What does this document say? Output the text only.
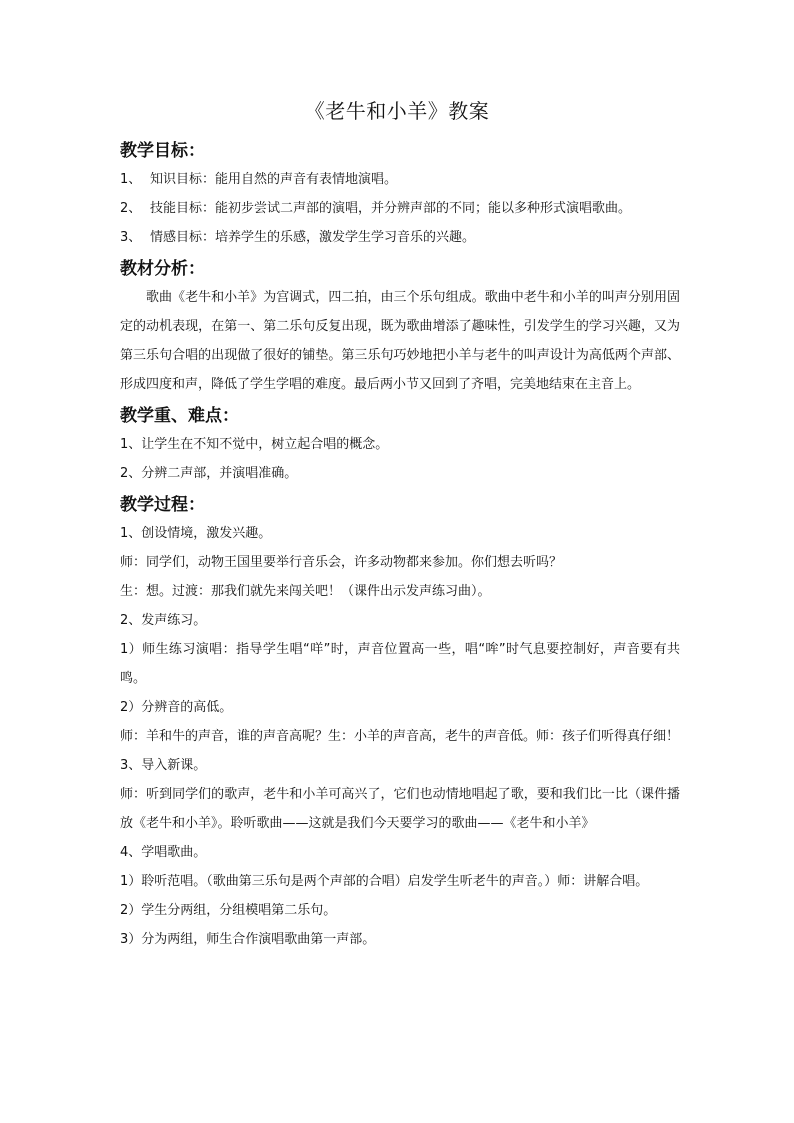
《老牛和小羊》教案
教学目标：

1、 知识目标：能用自然的声音有表情地演唱。

2、 技能目标：能初步尝试二声部的演唱，并分辨声部的不同；能以多种形式演唱歌曲。

3、 情感目标：培养学生的乐感，激发学生学习音乐的兴趣。

教材分析：

歌曲《老牛和小羊》为宫调式，四二拍，由三个乐句组成。歌曲中老牛和小羊的叫声分别用固定的动机表现，在第一、第二乐句反复出现，既为歌曲增添了趣味性，引发学生的学习兴趣，又为第三乐句合唱的出现做了很好的铺垫。第三乐句巧妙地把小羊与老牛的叫声设计为高低两个声部、形成四度和声，降低了学生学唱的难度。最后两小节又回到了齐唱，完美地结束在主音上。

教学重、难点：

1、让学生在不知不觉中，树立起合唱的概念。

2、分辨二声部，并演唱准确。

教学过程：

1、创设情境，激发兴趣。

师：同学们，动物王国里要举行音乐会，许多动物都来参加。你们想去听吗？

生：想。过渡：那我们就先来闯关吧！（课件出示发声练习曲）。

2、发声练习。

1）师生练习演唱：指导学生唱“咩”时，声音位置高一些，唱“哞”时气息要控制好，声音要有共鸣。

2）分辨音的高低。

师：羊和牛的声音，谁的声音高呢？生：小羊的声音高，老牛的声音低。师：孩子们听得真仔细！

3、导入新课。

师：听到同学们的歌声，老牛和小羊可高兴了，它们也动情地唱起了歌，要和我们比一比（课件播放《老牛和小羊》。聆听歌曲——这就是我们今天要学习的歌曲——《老牛和小羊》

4、学唱歌曲。

1）聆听范唱。（歌曲第三乐句是两个声部的合唱）启发学生听老牛的声音。）师：讲解合唱。

2）学生分两组，分组模唱第二乐句。

3）分为两组，师生合作演唱歌曲第一声部。
